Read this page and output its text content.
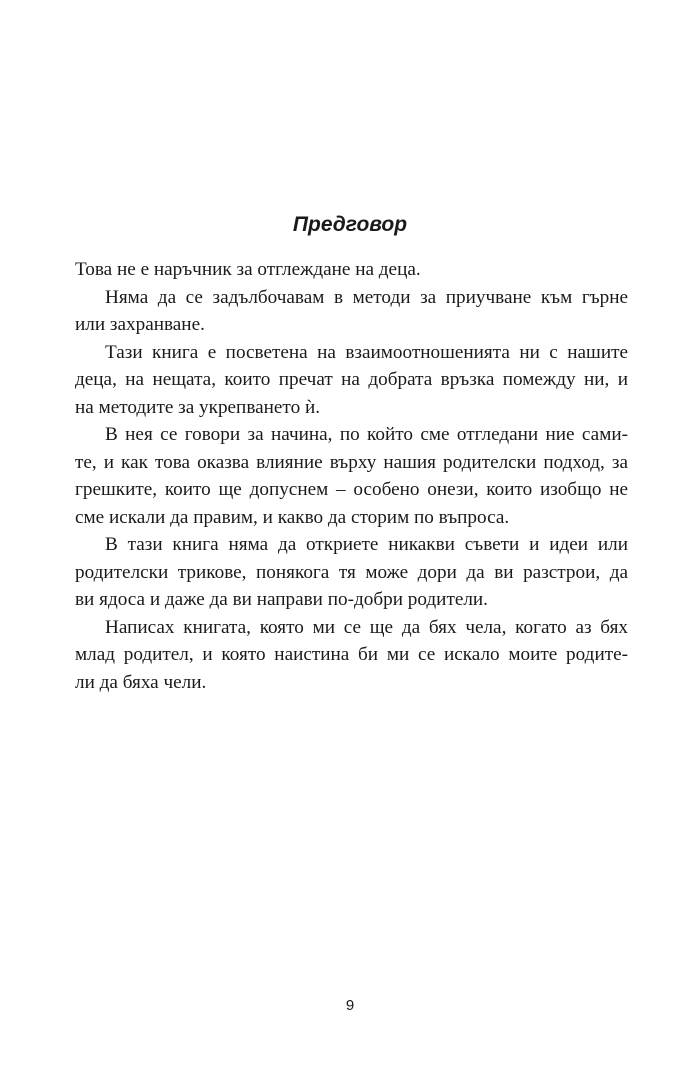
Предговор
Това не е наръчник за отглеждане на деца.
Няма да се задълбочавам в методи за приучване към гърне
или захранване.
Тази книга е посветена на взаимоотношенията ни с нашите
деца, на нещата, които пречат на добрата връзка помежду ни, и
на методите за укрепването ѝ.
В нея се говори за начина, по който сме отгледани ние сами-
те, и как това оказва влияние върху нашия родителски подход, за
грешките, които ще допуснем – особено онези, които изобщо не
сме искали да правим, и какво да сторим по въпроса.
В тази книга няма да откриете никакви съвети и идеи или
родителски трикове, понякога тя може дори да ви разстрои, да
ви ядоса и даже да ви направи по-добри родители.
Написах книгата, която ми се ще да бях чела, когато аз бях
млад родител, и която наистина би ми се искало моите родите-
ли да бяха чели.
9
